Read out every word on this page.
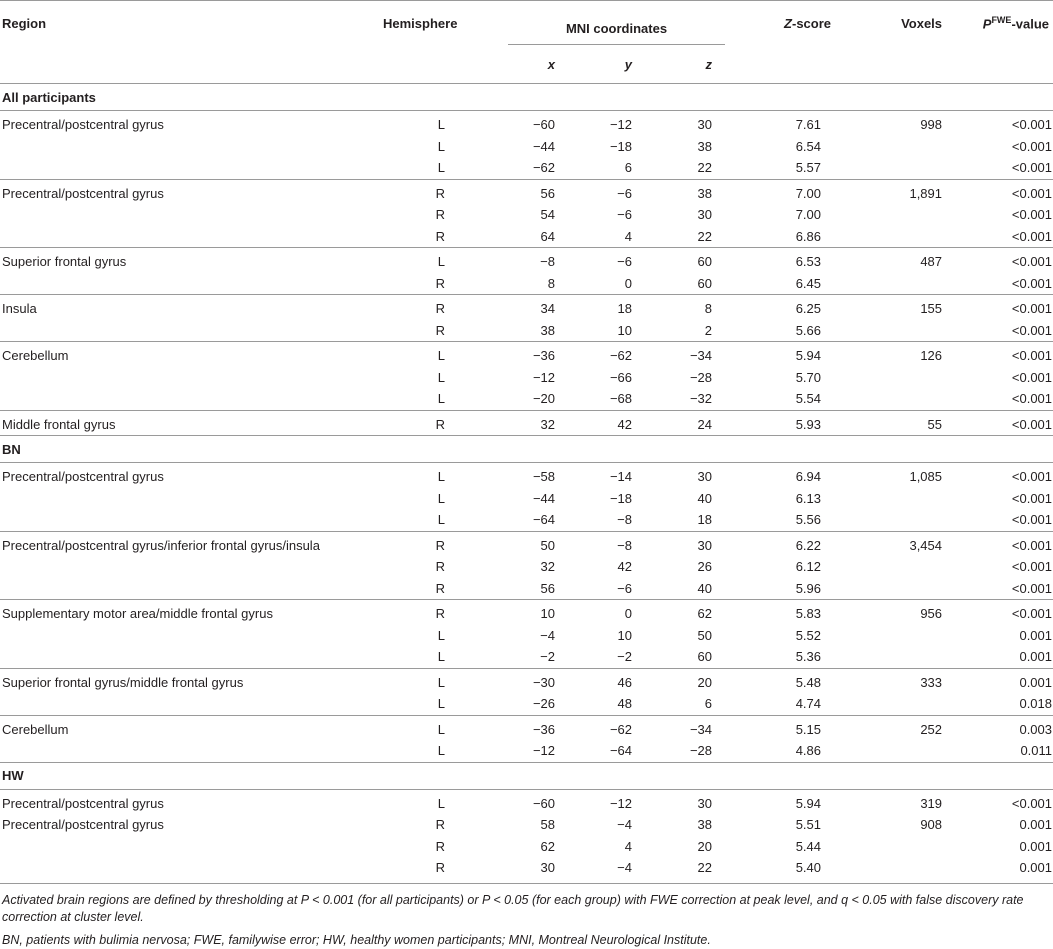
Region	Hemisphere	MNI coordinates			Z-score	Voxels	$P^{FWE}$-value
		x	y	z			
All participants							
Precentral/postcentral gyrus	L	−60	−12	30	7.61	998	<0.001
	L	−44	−18	38	6.54		<0.001
	L	−62	6	22	5.57		<0.001
Precentral/postcentral gyrus	R	56	−6	38	7.00	1,891	<0.001
	R	54	−6	30	7.00		<0.001
	R	64	4	22	6.86		<0.001
Superior frontal gyrus	L	−8	−6	60	6.53	487	<0.001
	R	8	0	60	6.45		<0.001
Insula	R	34	18	8	6.25	155	<0.001
	R	38	10	2	5.66		<0.001
Cerebellum	L	−36	−62	−34	5.94	126	<0.001
	L	−12	−66	−28	5.70		<0.001
	L	−20	−68	−32	5.54		<0.001
Middle frontal gyrus	R	32	42	24	5.93	55	<0.001
BN							
Precentral/postcentral gyrus	L	−58	−14	30	6.94	1,085	<0.001
	L	−44	−18	40	6.13		<0.001
	L	−64	−8	18	5.56		<0.001
Precentral/postcentral gyrus/inferior frontal gyrus/insula	R	50	−8	30	6.22	3,454	<0.001
	R	32	42	26	6.12		<0.001
	R	56	−6	40	5.96		<0.001
Supplementary motor area/middle frontal gyrus	R	10	0	62	5.83	956	<0.001
	L	−4	10	50	5.52		0.001
	L	−2	−2	60	5.36		0.001
Superior frontal gyrus/middle frontal gyrus	L	−30	46	20	5.48	333	0.001
	L	−26	48	6	4.74		0.018
Cerebellum	L	−36	−62	−34	5.15	252	0.003
	L	−12	−64	−28	4.86		0.011
HW							
Precentral/postcentral gyrus	L	−60	−12	30	5.94	319	<0.001
Precentral/postcentral gyrus	R	58	−4	38	5.51	908	0.001
	R	62	4	20	5.44		0.001
	R	30	−4	22	5.40		0.001

Activated brain regions are defined by thresholding at P < 0.001 (for all participants) or P < 0.05 (for each group) with FWE correction at peak level, and q < 0.05 with false discovery rate correction at cluster level.

BN, patients with bulimia nervosa; FWE, familywise error; HW, healthy women participants; MNI, Montreal Neurological Institute.
